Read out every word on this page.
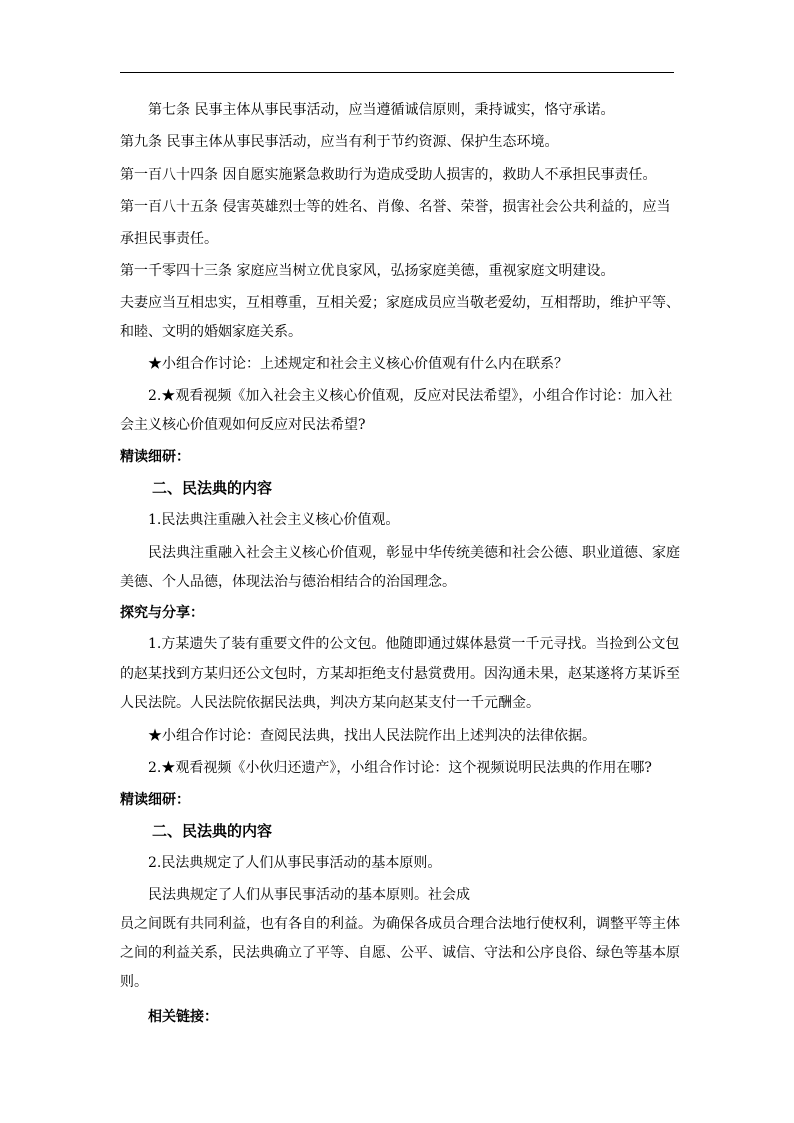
第七条 民事主体从事民事活动，应当遵循诚信原则，秉持诚实，恪守承诺。
第九条 民事主体从事民事活动，应当有利于节约资源、保护生态环境。
第一百八十四条 因自愿实施紧急救助行为造成受助人损害的，救助人不承担民事责任。
第一百八十五条 侵害英雄烈士等的姓名、肖像、名誉、荣誉，损害社会公共利益的，应当
承担民事责任。
第一千零四十三条 家庭应当树立优良家风，弘扬家庭美德，重视家庭文明建设。
夫妻应当互相忠实，互相尊重，互相关爱；家庭成员应当敬老爱幼，互相帮助，维护平等、
和睦、文明的婚姻家庭关系。
★小组合作讨论：上述规定和社会主义核心价值观有什么内在联系？
2.★观看视频《加入社会主义核心价值观，反应对民法希望》，小组合作讨论：加入社
会主义核心价值观如何反应对民法希望?
精读细研：
二、民法典的内容
1.民法典注重融入社会主义核心价值观。
民法典注重融入社会主义核心价值观，彰显中华传统美德和社会公德、职业道德、家庭
美德、个人品德，体现法治与德治相结合的治国理念。
探究与分享：
1.方某遗失了装有重要文件的公文包。他随即通过媒体悬赏一千元寻找。当捡到公文包
的赵某找到方某归还公文包时，方某却拒绝支付悬赏费用。因沟通未果，赵某遂将方某诉至
人民法院。人民法院依据民法典，判决方某向赵某支付一千元酬金。
★小组合作讨论：查阅民法典，找出人民法院作出上述判决的法律依据。
2.★观看视频《小伙归还遗产》，小组合作讨论：这个视频说明民法典的作用在哪?
精读细研：
二、民法典的内容
2.民法典规定了人们从事民事活动的基本原则。
民法典规定了人们从事民事活动的基本原则。社会成
员之间既有共同利益，也有各自的利益。为确保各成员合理合法地行使权利，调整平等主体
之间的利益关系，民法典确立了平等、自愿、公平、诚信、守法和公序良俗、绿色等基本原
则。
相关链接：
